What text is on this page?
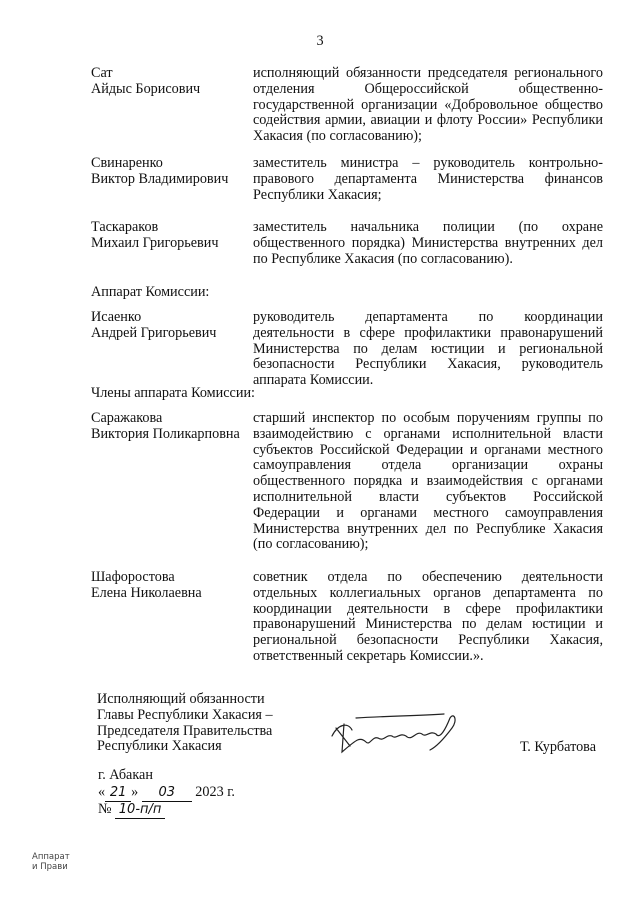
3
Сат
Айдыс Борисович
исполняющий обязанности председателя регионального отделения Общероссийской общественно-государственной организации «Добровольное общество содействия армии, авиации и флоту России» Республики Хакасия (по согласованию);
Свинаренко
Виктор Владимирович
заместитель министра – руководитель контрольно-правового департамента Министерства финансов Республики Хакасия;
Таскараков
Михаил Григорьевич
заместитель начальника полиции (по охране общественного порядка) Министерства внутренних дел по Республике Хакасия (по согласованию).
Аппарат Комиссии:
Исаенко
Андрей Григорьевич
руководитель департамента по координации деятельности в сфере профилактики правонарушений Министерства по делам юстиции и региональной безопасности Республики Хакасия, руководитель аппарата Комиссии.
Члены аппарата Комиссии:
Саражакова
Виктория Поликарповна
старший инспектор по особым поручениям группы по взаимодействию с органами исполнительной власти субъектов Российской Федерации и органами местного самоуправления отдела организации охраны общественного порядка и взаимодействия с органами исполнительной власти субъектов Российской Федерации и органами местного самоуправления Министерства внутренних дел по Республике Хакасия (по согласованию);
Шафоростова
Елена Николаевна
советник отдела по обеспечению деятельности отдельных коллегиальных органов департамента по координации деятельности в сфере профилактики правонарушений Министерства по делам юстиции и региональной безопасности Республики Хакасия, ответственный секретарь Комиссии.».
Исполняющий обязанности
Главы Республики Хакасия –
Председателя Правительства
Республики Хакасия	Т. Курбатова
г. Абакан
« 21 » 03 2023 г.
№ 10-п/п
Аппарат
и Прави
